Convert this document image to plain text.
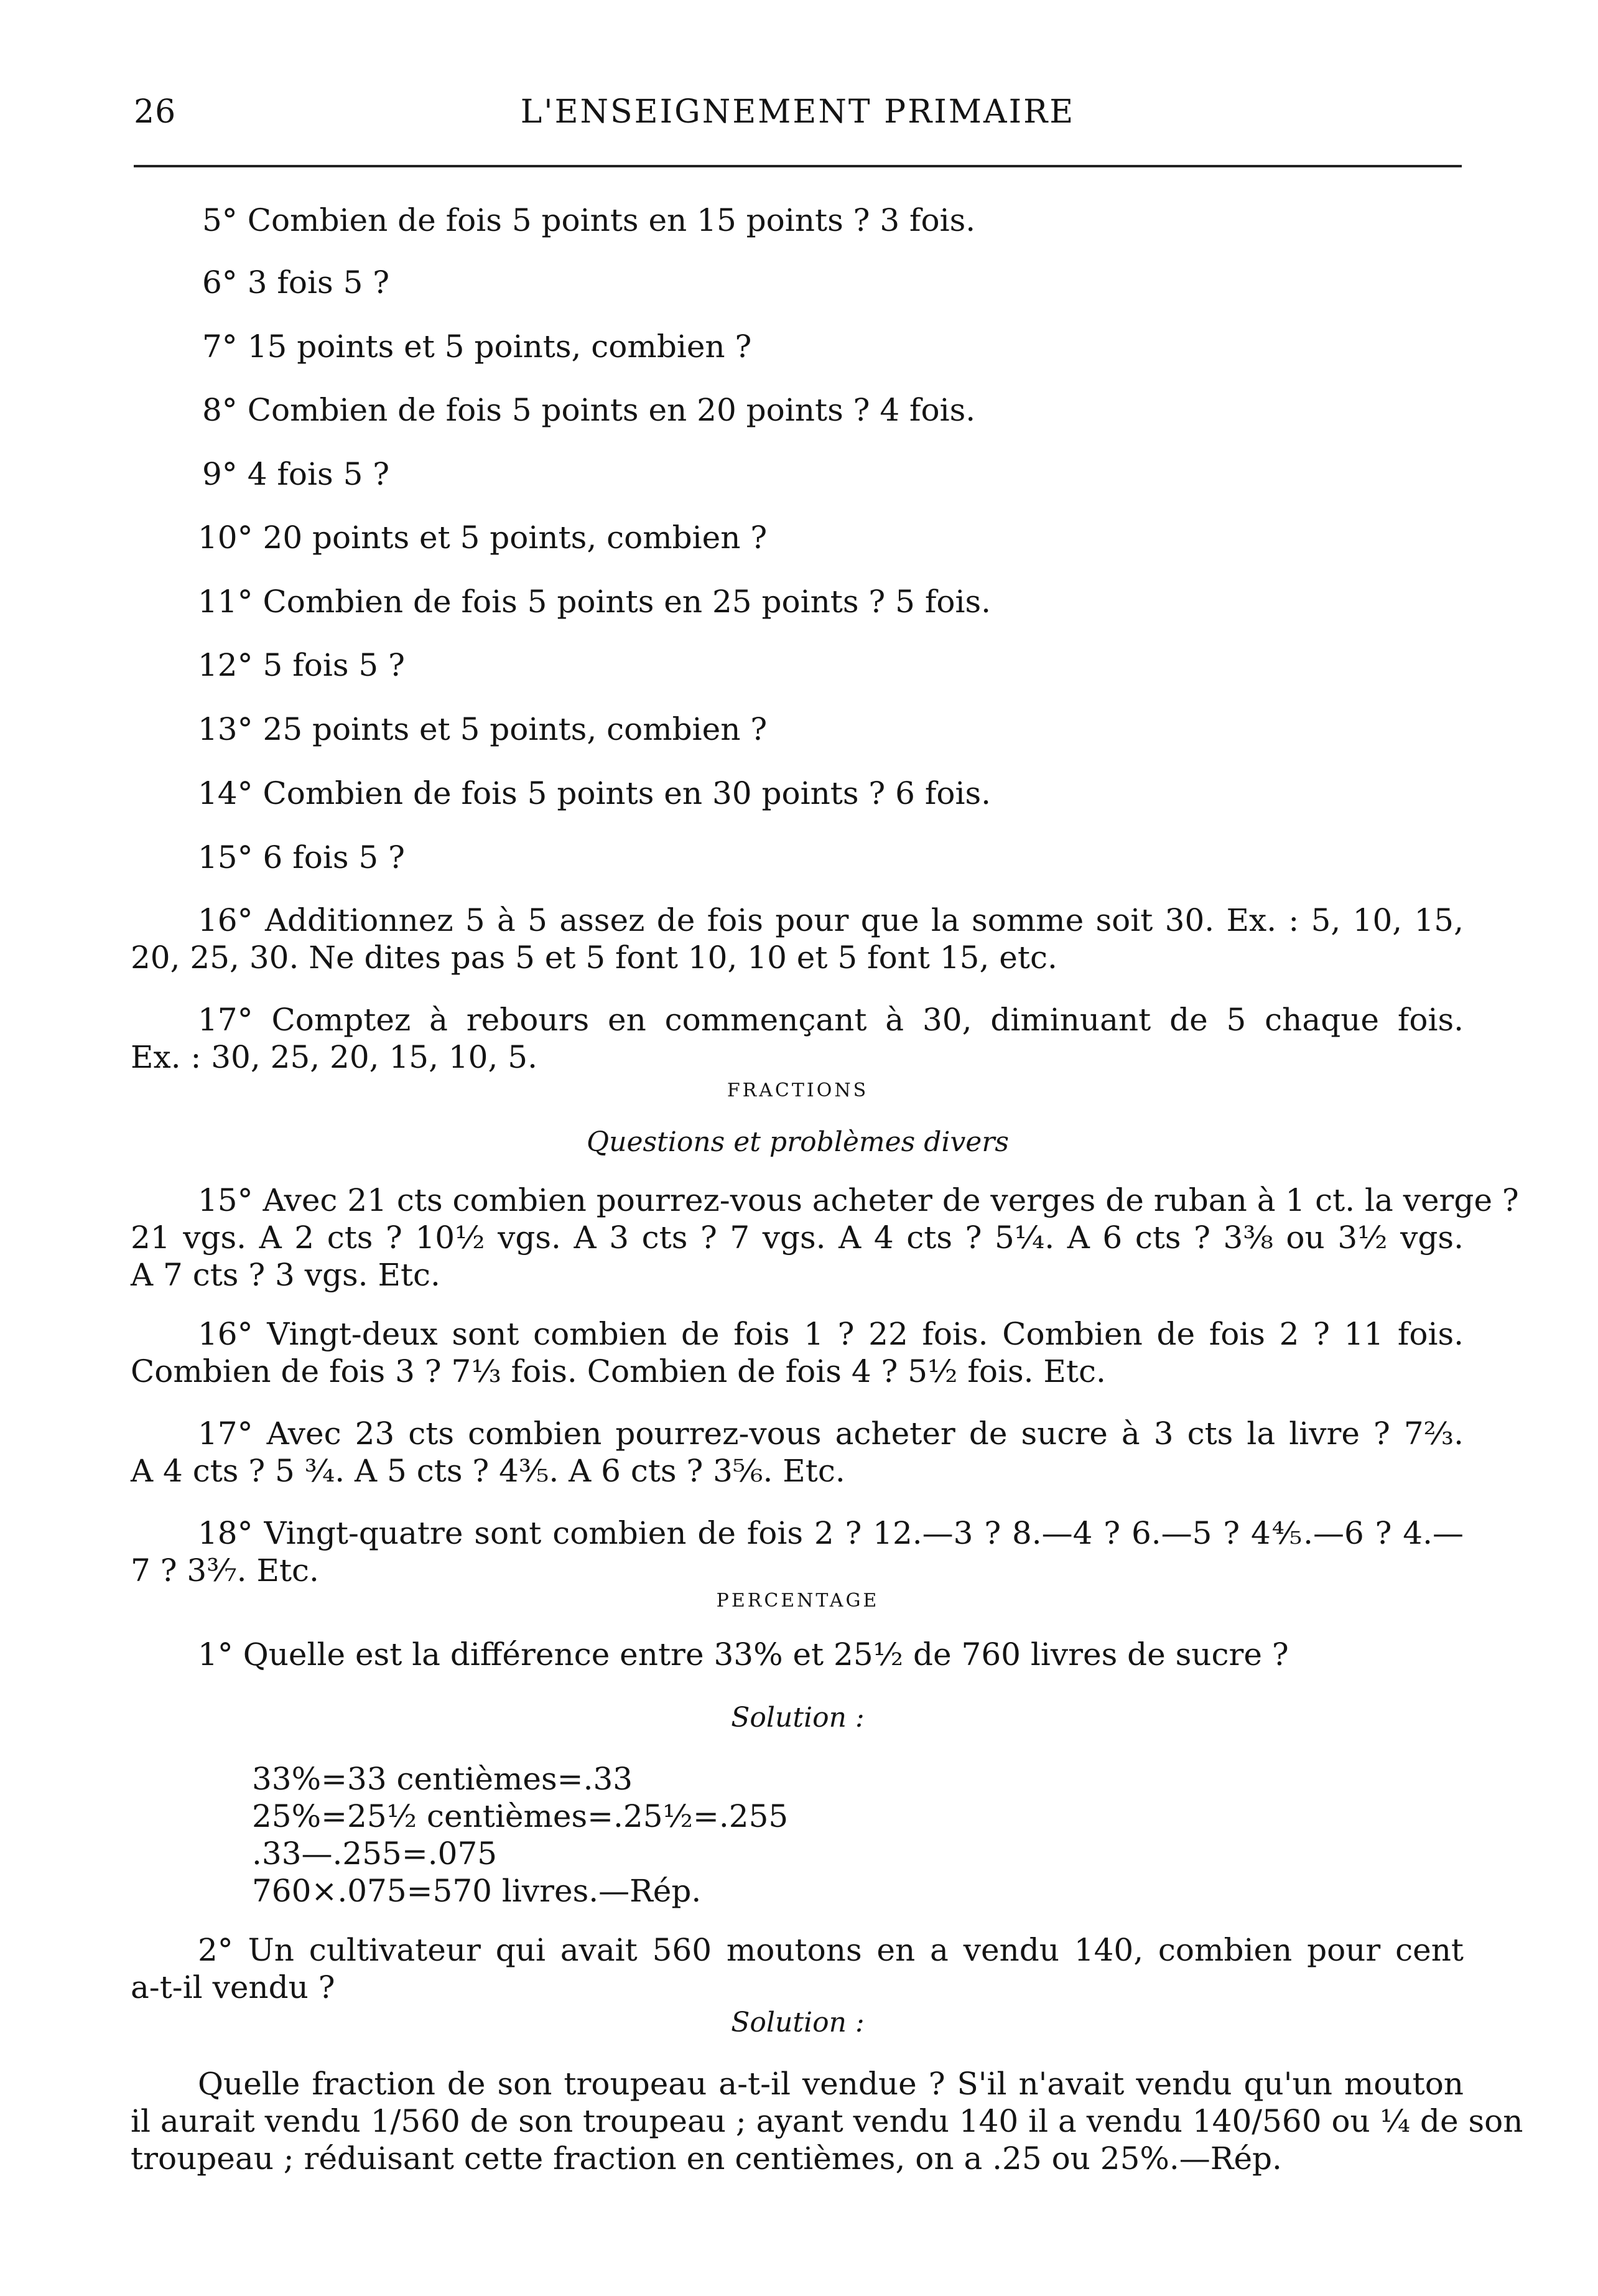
26	L'ENSEIGNEMENT PRIMAIRE
5° Combien de fois 5 points en 15 points ? 3 fois.
6° 3 fois 5 ?
7° 15 points et 5 points, combien ?
8° Combien de fois 5 points en 20 points ? 4 fois.
9° 4 fois 5 ?
10° 20 points et 5 points, combien ?
11° Combien de fois 5 points en 25 points ? 5 fois.
12° 5 fois 5 ?
13° 25 points et 5 points, combien ?
14° Combien de fois 5 points en 30 points ? 6 fois.
15° 6 fois 5 ?
16° Additionnez 5 à 5 assez de fois pour que la somme soit 30. Ex. : 5, 10, 15,
20, 25, 30. Ne dites pas 5 et 5 font 10, 10 et 5 font 15, etc.
17° Comptez à rebours en commençant à 30, diminuant de 5 chaque fois.
Ex. : 30, 25, 20, 15, 10, 5.
FRACTIONS
Questions et problèmes divers
15° Avec 21 cts combien pourrez-vous acheter de verges de ruban à 1 ct. la verge ?
21 vgs. A 2 cts ? 10½ vgs. A 3 cts ? 7 vgs. A 4 cts ? 5¼. A 6 cts ? 3⅜ ou 3½ vgs.
A 7 cts ? 3 vgs. Etc.
16° Vingt-deux sont combien de fois 1 ? 22 fois. Combien de fois 2 ? 11 fois.
Combien de fois 3 ? 7⅓ fois. Combien de fois 4 ? 5½ fois. Etc.
17° Avec 23 cts combien pourrez-vous acheter de sucre à 3 cts la livre ? 7⅔.
A 4 cts ? 5 ¾. A 5 cts ? 4⅗. A 6 cts ? 3⅚. Etc.
18° Vingt-quatre sont combien de fois 2 ? 12.—3 ? 8.—4 ? 6.—5 ? 4⅘.—6 ? 4.—
7 ? 3³⁄₇. Etc.
PERCENTAGE
1° Quelle est la différence entre 33% et 25½ de 760 livres de sucre ?
Solution :
33%=33 centièmes=.33
25%=25½ centièmes=.25½=.255
.33—.255=.075
760×.075=570 livres.—Rép.
2° Un cultivateur qui avait 560 moutons en a vendu 140, combien pour cent
a-t-il vendu ?
Solution :
Quelle fraction de son troupeau a-t-il vendue ? S'il n'avait vendu qu'un mouton
il aurait vendu 1/560 de son troupeau ; ayant vendu 140 il a vendu 140/560 ou ¼ de son
troupeau ; réduisant cette fraction en centièmes, on a .25 ou 25%.—Rép.
